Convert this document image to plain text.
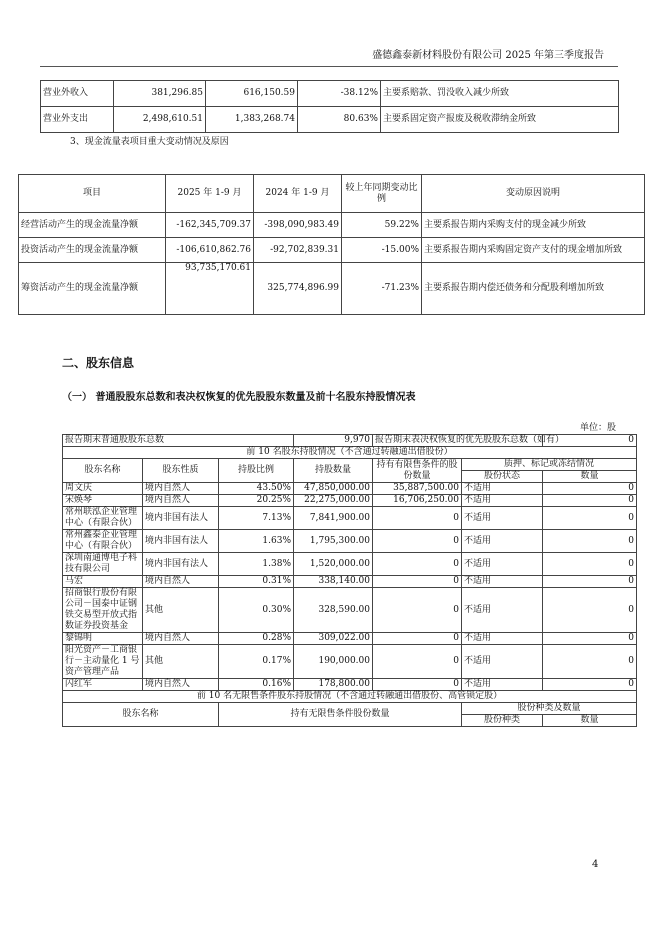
盛德鑫泰新材料股份有限公司 2025 年第三季度报告
营业外收入	381,296.85	616,150.59	-38.12%	主要系赔款、罚没收入减少所致
营业外支出	2,498,610.51	1,383,268.74	80.63%	主要系固定资产报废及税收滞纳金所致
3、现金流量表项目重大变动情况及原因
项目	2025 年 1-9 月	2024 年 1-9 月	较上年同期变动比例	变动原因说明
经营活动产生的现金流量净额	-162,345,709.37	-398,090,983.49	59.22%	主要系报告期内采购支付的现金减少所致
投资活动产生的现金流量净额	-106,610,862.76	-92,702,839.31	-15.00%	主要系报告期内采购固定资产支付的现金增加所致
筹资活动产生的现金流量净额	93,735,170.61	325,774,896.99	-71.23%	主要系报告期内偿还债务和分配股利增加所致
二、股东信息
（一） 普通股股东总数和表决权恢复的优先股股东数量及前十名股东持股情况表
单位：股
报告期末普通股股东总数			9,970	报告期末表决权恢复的优先股股东总数（如有）		0
前 10 名股东持股情况（不含通过转融通出借股份）						
股东名称	股东性质	持股比例	持股数量	持有有限售条件的股份数量	质押、标记或冻结情况	
					股份状态	数量
周文庆	境内自然人	43.50%	47,850,000.00	35,887,500.00	不适用	0
宋焕琴	境内自然人	20.25%	22,275,000.00	16,706,250.00	不适用	0
常州联泓企业管理中心（有限合伙）	境内非国有法人	7.13%	7,841,900.00	0	不适用	0
常州鑫泰企业管理中心（有限合伙）	境内非国有法人	1.63%	1,795,300.00	0	不适用	0
深圳南通博电子科技有限公司	境内非国有法人	1.38%	1,520,000.00	0	不适用	0
马宏	境内自然人	0.31%	338,140.00	0	不适用	0
招商银行股份有限公司－国泰中证钢铁交易型开放式指数证券投资基金	其他	0.30%	328,590.00	0	不适用	0
黎锦明	境内自然人	0.28%	309,022.00	0	不适用	0
阳光资产－工商银行－主动量化 1 号资产管理产品	其他	0.17%	190,000.00	0	不适用	0
闪红军	境内自然人	0.16%	178,800.00	0	不适用	0
前 10 名无限售条件股东持股情况（不含通过转融通出借股份、高管锁定股）						
股东名称		持有无限售条件股份数量			股份种类及数量	
					股份种类	数量
4
